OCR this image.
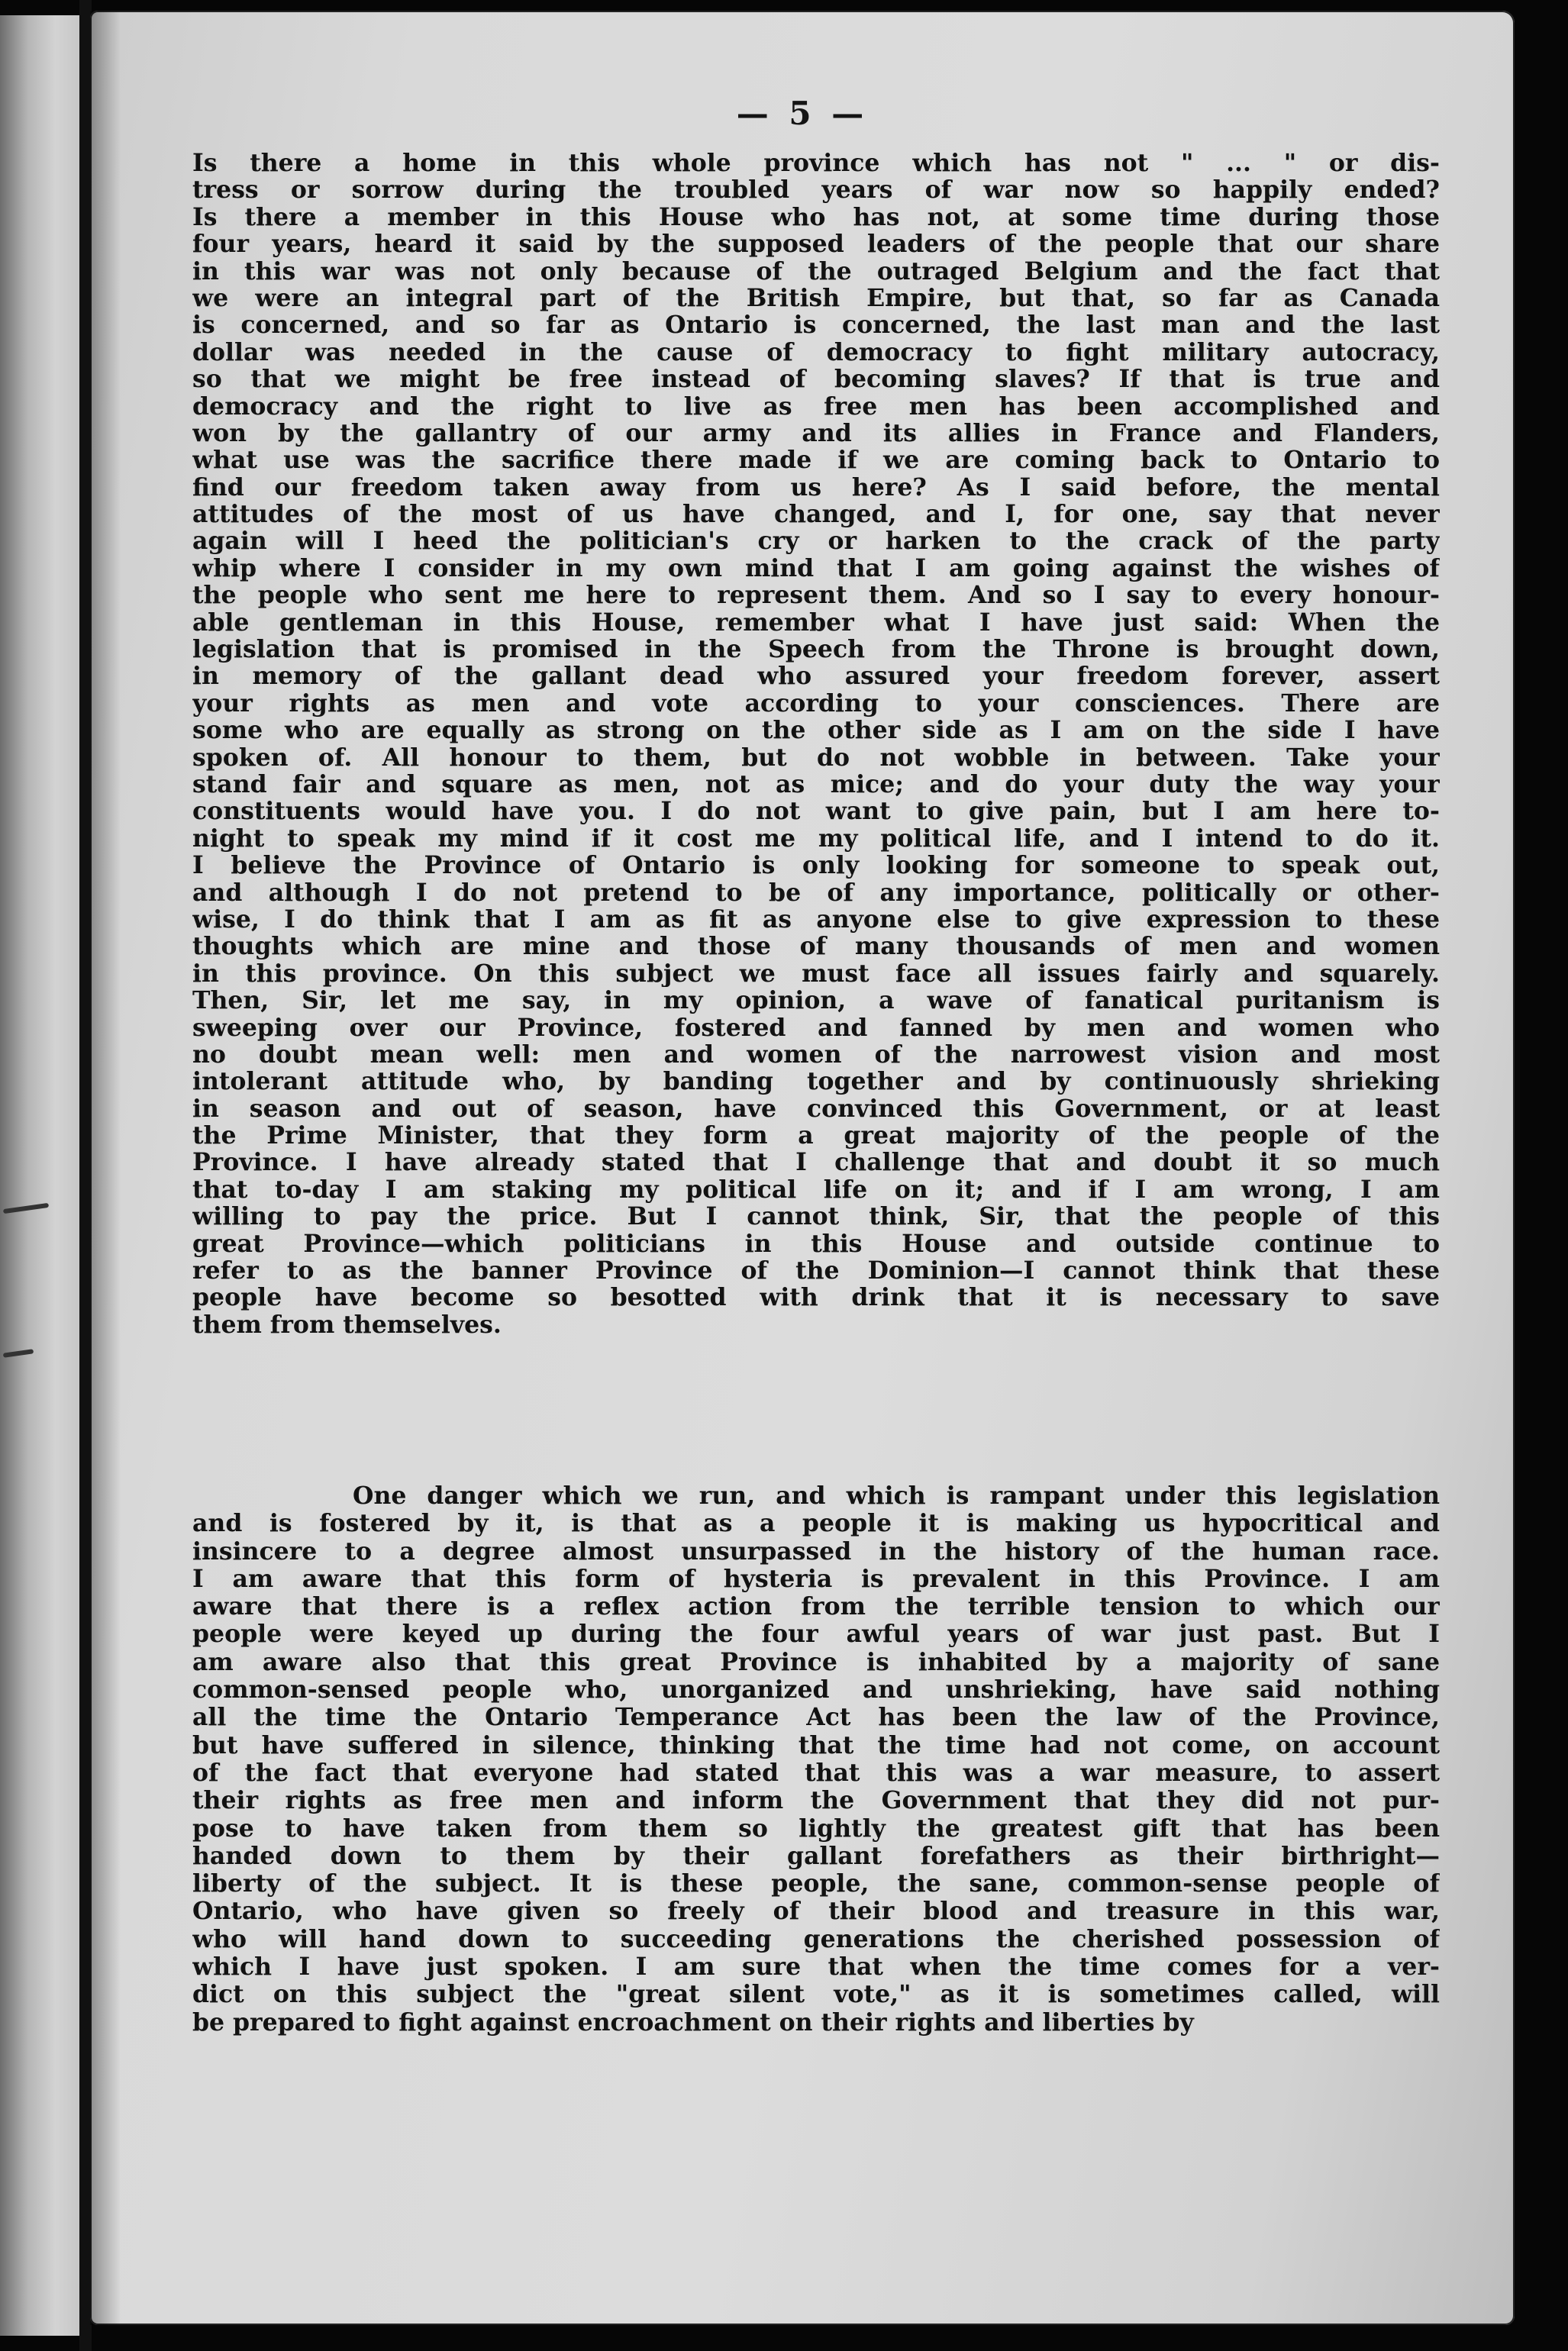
— 5 —
Is there a home in this whole province which has not " ... " or dis-
tress or sorrow during the troubled years of war now so happily ended?
Is there a member in this House who has not, at some time during those
four years, heard it said by the supposed leaders of the people that our share
in this war was not only because of the outraged Belgium and the fact that
we were an integral part of the British Empire, but that, so far as Canada
is concerned, and so far as Ontario is concerned, the last man and the last
dollar was needed in the cause of democracy to fight military autocracy,
so that we might be free instead of becoming slaves? If that is true and
democracy and the right to live as free men has been accomplished and
won by the gallantry of our army and its allies in France and Flanders,
what use was the sacrifice there made if we are coming back to Ontario to
find our freedom taken away from us here? As I said before, the mental
attitudes of the most of us have changed, and I, for one, say that never
again will I heed the politician's cry or harken to the crack of the party
whip where I consider in my own mind that I am going against the wishes of
the people who sent me here to represent them. And so I say to every honour-
able gentleman in this House, remember what I have just said: When the
legislation that is promised in the Speech from the Throne is brought down,
in memory of the gallant dead who assured your freedom forever, assert
your rights as men and vote according to your consciences. There are
some who are equally as strong on the other side as I am on the side I have
spoken of. All honour to them, but do not wobble in between. Take your
stand fair and square as men, not as mice; and do your duty the way your
constituents would have you. I do not want to give pain, but I am here to-
night to speak my mind if it cost me my political life, and I intend to do it.
I believe the Province of Ontario is only looking for someone to speak out,
and although I do not pretend to be of any importance, politically or other-
wise, I do think that I am as fit as anyone else to give expression to these
thoughts which are mine and those of many thousands of men and women
in this province. On this subject we must face all issues fairly and squarely.
Then, Sir, let me say, in my opinion, a wave of fanatical puritanism is
sweeping over our Province, fostered and fanned by men and women who
no doubt mean well: men and women of the narrowest vision and most
intolerant attitude who, by banding together and by continuously shrieking
in season and out of season, have convinced this Government, or at least
the Prime Minister, that they form a great majority of the people of the
Province. I have already stated that I challenge that and doubt it so much
that to-day I am staking my political life on it; and if I am wrong, I am
willing to pay the price. But I cannot think, Sir, that the people of this
great Province—which politicians in this House and outside continue to
refer to as the banner Province of the Dominion—I cannot think that these
people have become so besotted with drink that it is necessary to save
them from themselves.
One danger which we run, and which is rampant under this legislation
and is fostered by it, is that as a people it is making us hypocritical and
insincere to a degree almost unsurpassed in the history of the human race.
I am aware that this form of hysteria is prevalent in this Province. I am
aware that there is a reflex action from the terrible tension to which our
people were keyed up during the four awful years of war just past. But I
am aware also that this great Province is inhabited by a majority of sane
common-sensed people who, unorganized and unshrieking, have said nothing
all the time the Ontario Temperance Act has been the law of the Province,
but have suffered in silence, thinking that the time had not come, on account
of the fact that everyone had stated that this was a war measure, to assert
their rights as free men and inform the Government that they did not pur-
pose to have taken from them so lightly the greatest gift that has been
handed down to them by their gallant forefathers as their birthright—
liberty of the subject. It is these people, the sane, common-sense people of
Ontario, who have given so freely of their blood and treasure in this war,
who will hand down to succeeding generations the cherished possession of
which I have just spoken. I am sure that when the time comes for a ver-
dict on this subject the "great silent vote," as it is sometimes called, will
be prepared to fight against encroachment on their rights and liberties by
